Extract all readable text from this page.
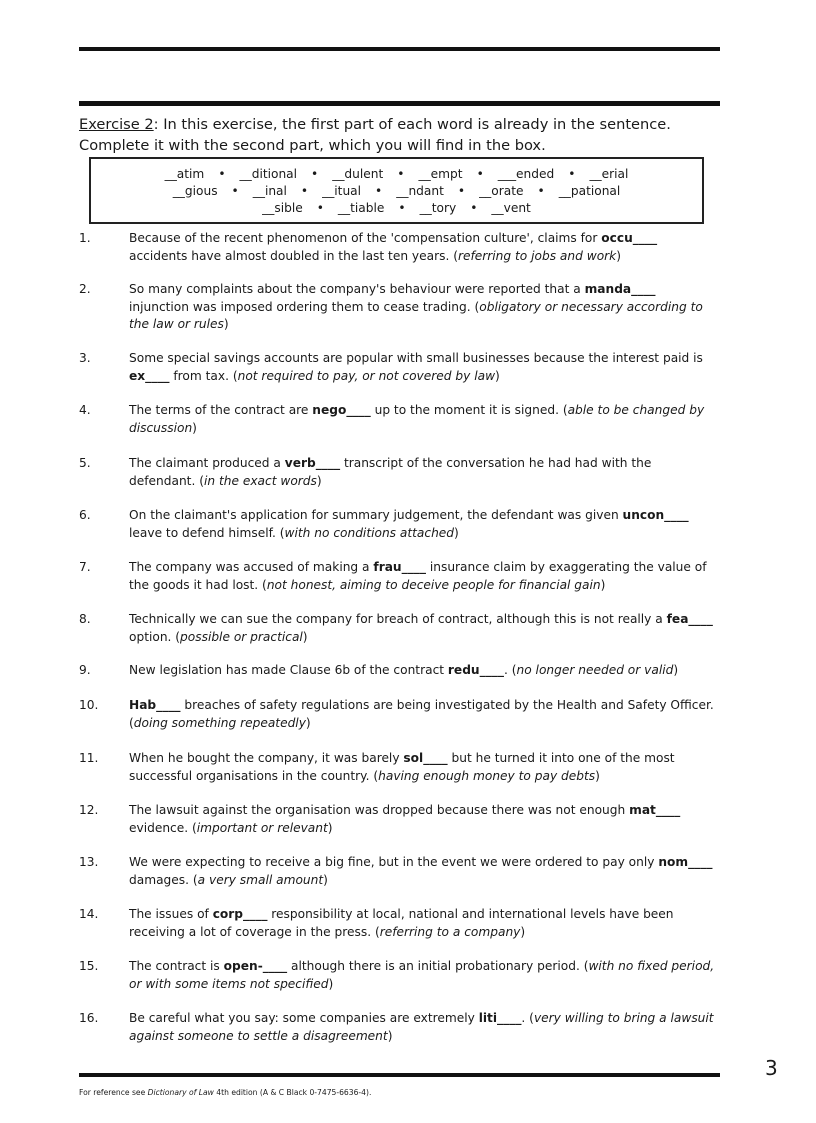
Exercise 2: In this exercise, the first part of each word is already in the sentence. Complete it with the second part, which you will find in the box.
__atim • __ditional • __dulent • __empt • ___ended • __erial
__gious • __inal • __itual • __ndant • __orate • __pational
__sible • __tiable • __tory • __vent
1.	Because of the recent phenomenon of the 'compensation culture', claims for occu____ accidents have almost doubled in the last ten years. (referring to jobs and work)
2.	So many complaints about the company's behaviour were reported that a manda____ injunction was imposed ordering them to cease trading. (obligatory or necessary according to the law or rules)
3.	Some special savings accounts are popular with small businesses because the interest paid is ex____ from tax. (not required to pay, or not covered by law)
4.	The terms of the contract are nego____ up to the moment it is signed. (able to be changed by discussion)
5.	The claimant produced a verb____ transcript of the conversation he had had with the defendant. (in the exact words)
6.	On the claimant's application for summary judgement, the defendant was given uncon____ leave to defend himself. (with no conditions attached)
7.	The company was accused of making a frau____ insurance claim by exaggerating the value of the goods it had lost. (not honest, aiming to deceive people for financial gain)
8.	Technically we can sue the company for breach of contract, although this is not really a fea____ option. (possible or practical)
9.	New legislation has made Clause 6b of the contract redu____. (no longer needed or valid)
10.	Hab____ breaches of safety regulations are being investigated by the Health and Safety Officer. (doing something repeatedly)
11.	When he bought the company, it was barely sol____ but he turned it into one of the most successful organisations in the country. (having enough money to pay debts)
12.	The lawsuit against the organisation was dropped because there was not enough mat____ evidence. (important or relevant)
13.	We were expecting to receive a big fine, but in the event we were ordered to pay only nom____ damages. (a very small amount)
14.	The issues of corp____ responsibility at local, national and international levels have been receiving a lot of coverage in the press. (referring to a company)
15.	The contract is open-____ although there is an initial probationary period. (with no fixed period, or with some items not specified)
16.	Be careful what you say: some companies are extremely liti____. (very willing to bring a lawsuit against someone to settle a disagreement)
3
For reference see Dictionary of Law 4th edition (A & C Black 0-7475-6636-4).
